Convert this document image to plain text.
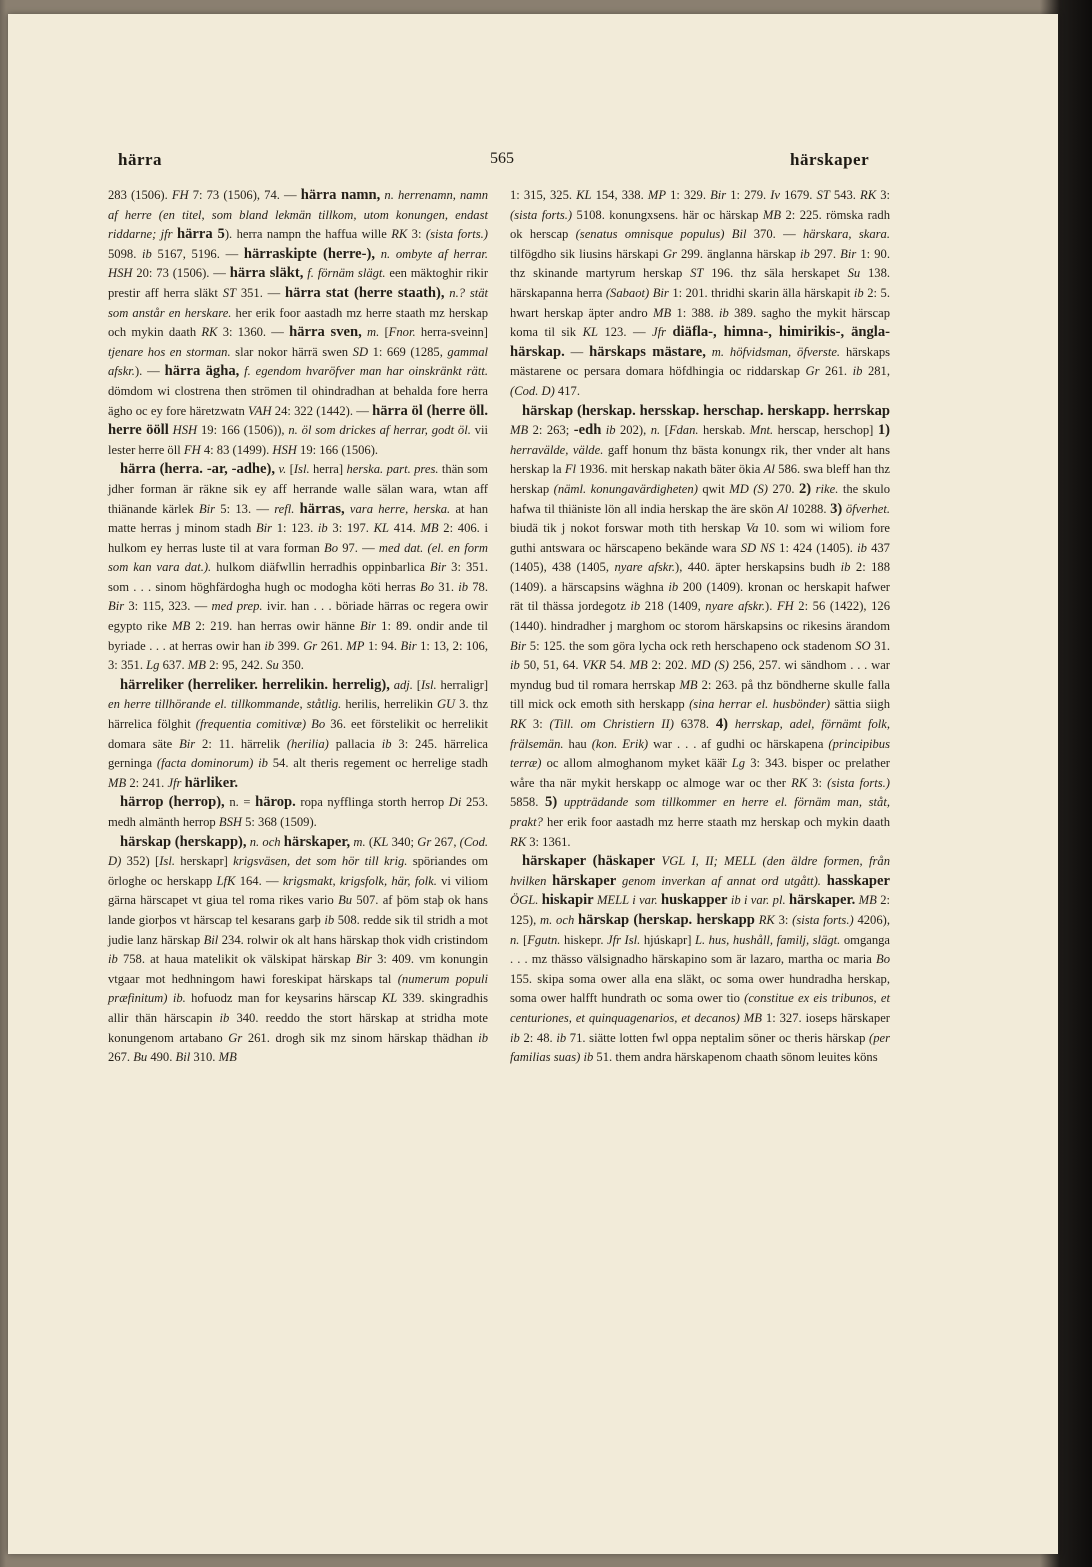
härra	565	härskaper

283 (1506). FH 7: 73 (1506), 74. — härra namn, n. herrenamn, namn af herre (en titel, som bland lekmän tillkom, utom konungen, endast riddarne; jfr härra 5). herra nampn the haffua wille RK 3: (sista forts.) 5098. ib 5167, 5196. — härraskipte (herre-), n. ombyte af herrar. HSH 20: 73 (1506). — härra släkt, f. förnäm slägt. een mäktoghir rikir prestir aff herra släkt ST 351. — härra stat (herre staath), n.? stät som anstår en herskare. her erik foor aastadh mz herre staath mz herskap och mykin daath RK 3: 1360. — härra sven, m. [Fnor. herra-sveinn] tjenare hos en storman. slar nokor härrä swen SD 1: 669 (1285, gammal afskr.). — härra ägha, f. egendom hvaröfver man har oinskränkt rätt. dömdom wi clostrena then strömen til ohindradhan at behalda fore herra ägho oc ey fore häretzwatn VAH 24: 322 (1442). — härra öl (herre öll. herre ööll HSH 19: 166 (1506)), n. öl som drickes af herrar, godt öl. vii lester herre öll FH 4: 83 (1499). HSH 19: 166 (1506).

härra (herra. -ar, -adhe), v. [Isl. herra] herska. part. pres. thän som jdher forman är räkne sik ey aff herrande walle sälan wara, wtan aff thiänande kärlek Bir 5: 13. — refl. härras, vara herre, herska. at han matte herras j minom stadh Bir 1: 123. ib 3: 197. KL 414. MB 2: 406. i hulkom ey herras luste til at vara forman Bo 97. — med dat. (el. en form som kan vara dat.). hulkom diäfwllin herradhis oppinbarlica Bir 3: 351. som . . . sinom höghfärdogha hugh oc modogha köti herras Bo 31. ib 78. Bir 3: 115, 323. — med prep. ivir. han . . . böriade härras oc regera owir egypto rike MB 2: 219. han herras owir hänne Bir 1: 89. ondir ande til byriade . . . at herras owir han ib 399. Gr 261. MP 1: 94. Bir 1: 13, 2: 106, 3: 351. Lg 637. MB 2: 95, 242. Su 350.

härreliker (herreliker. herrelikin. herrelig), adj. [Isl. herraligr] en herre tillhörande el. tillkommande, ståtlig. herilis, herrelikin GU 3. thz härrelica fölghit (frequentia comitivæ) Bo 36. eet förstelikit oc herrelikit domara säte Bir 2: 11. härrelik (herilia) pallacia ib 3: 245. härrelica gerninga (facta dominorum) ib 54. alt theris regement oc herrelige stadh MB 2: 241. Jfr härliker.

härrop (herrop), n. = härop. ropa nyfflinga storth herrop Di 253. medh almänth herrop BSH 5: 368 (1509).

härskap (herskapp), n. och härskaper, m. (KL 340; Gr 267, (Cod. D) 352) [Isl. herskapr] krigsväsen, det som hör till krig. spöriandes om örloghe oc herskapp LfK 164. — krigsmakt, krigsfolk, här, folk. vi viliom gärna härscapet vt giua tel roma rikes vario Bu 507. af þöm staþ ok hans lande giorþos vt härscap tel kesarans garþ ib 508. redde sik til stridh a mot judie lanz härskap Bil 234. rolwir ok alt hans härskap thok vidh cristindom ib 758. at haua matelikit ok välskipat härskap Bir 3: 409. vm konungin vtgaar mot hedhningom hawi foreskipat härskaps tal (numerum populi præfinitum) ib. hofuodz man for keysarins härscap KL 339. skingradhis allir thän härscapin ib 340. reeddo the stort härskap at stridha mote konungenom artabano Gr 261. drogh sik mz sinom härskap thädhan ib 267. Bu 490. Bil 310. MB

1: 315, 325. KL 154, 338. MP 1: 329. Bir 1: 279. Iv 1679. ST 543. RK 3: (sista forts.) 5108. konungxsens. här oc härskap MB 2: 225. römska radh ok herscap (senatus omnisque populus) Bil 370. — härskara, skara. tilfögdho sik liusins härskapi Gr 299. änglanna härskap ib 297. Bir 1: 90. thz skinande martyrum herskap ST 196. thz säla herskapet Su 138. härskapanna herra (Sabaot) Bir 1: 201. thridhi skarin älla härskapit ib 2: 5. hwart herskap äpter andro MB 1: 388. ib 389. sagho the mykit härscap koma til sik KL 123. — Jfr diäfla-, himna-, himirikis-, ängla-härskap. — härskaps mästare, m. höfvidsman, öfverste. härskaps mästarene oc persara domara höfdhingia oc riddarskap Gr 261. ib 281, (Cod. D) 417.

härskap (herskap. hersskap. herschap. herskapp. herrskap MB 2: 263; -edh ib 202), n. [Fdan. herskab. Mnt. herscap, herschop] 1) herravälde, välde. gaff honum thz bästa konungx rik, ther vnder alt hans herskap la Fl 1936. mit herskap nakath bäter ökia Al 586. swa bleff han thz herskap (näml. konungavärdigheten) qwit MD (S) 270. 2) rike. the skulo hafwa til thiäniste lön all india herskap the äre skön Al 10288. 3) öfverhet. biudä tik j nokot forswar moth tith herskap Va 10. som wi wiliom fore guthi antswara oc härscapeno bekände wara SD NS 1: 424 (1405). ib 437 (1405), 438 (1405, nyare afskr.), 440. äpter herskapsins budh ib 2: 188 (1409). a härscapsins wäghna ib 200 (1409). kronan oc herskapit hafwer rät til thässa jordegotz ib 218 (1409, nyare afskr.). FH 2: 56 (1422), 126 (1440). hindradher j marghom oc storom härskapsins oc rikesins ärandom Bir 5: 125. the som göra lycha ock reth herschapeno ock stadenom SO 31. ib 50, 51, 64. VKR 54. MB 2: 202. MD (S) 256, 257. wi sändhom . . . war myndug bud til romara herrskap MB 2: 263. på thz böndherne skulle falla till mick ock emoth sith herskapp (sina herrar el. husbönder) sättia siigh RK 3: (Till. om Christiern II) 6378. 4) herrskap, adel, förnämt folk, frälsemän. hau (kon. Erik) war . . . af gudhi oc härskapena (principibus terræ) oc allom almoghanom myket kää̈r Lg 3: 343. bisper oc prelather wåre tha när mykit herskapp oc almoge war oc ther RK 3: (sista forts.) 5858. 5) uppträdande som tillkommer en herre el. förnäm man, ståt, prakt? her erik foor aastadh mz herre staath mz herskap och mykin daath RK 3: 1361.

härskaper (häskaper VGL I, II; MELL (den äldre formen, från hvilken härskaper genom inverkan af annat ord utgått). hasskaper ÖGL. hiskapir MELL i var. huskapper ib i var. pl. härskaper. MB 2: 125), m. och härskap (herskap. herskapp RK 3: (sista forts.) 4206), n. [Fgutn. hiskepr. Jfr Isl. hjúskapr] L. hus, hushåll, familj, slägt. omganga . . . mz thässo välsignadho härskapino som är lazaro, martha oc maria Bo 155. skipa soma ower alla ena släkt, oc soma ower hundradha herskap, soma ower halfft hundrath oc soma ower tio (constitue ex eis tribunos, et centuriones, et quinquagenarios, et decanos) MB 1: 327. ioseps härskaper ib 2: 48. ib 71. siätte lotten fwl oppa neptalim söner oc theris härskap (per familias suas) ib 51. them andra härskapenom chaath sönom leuites köns
